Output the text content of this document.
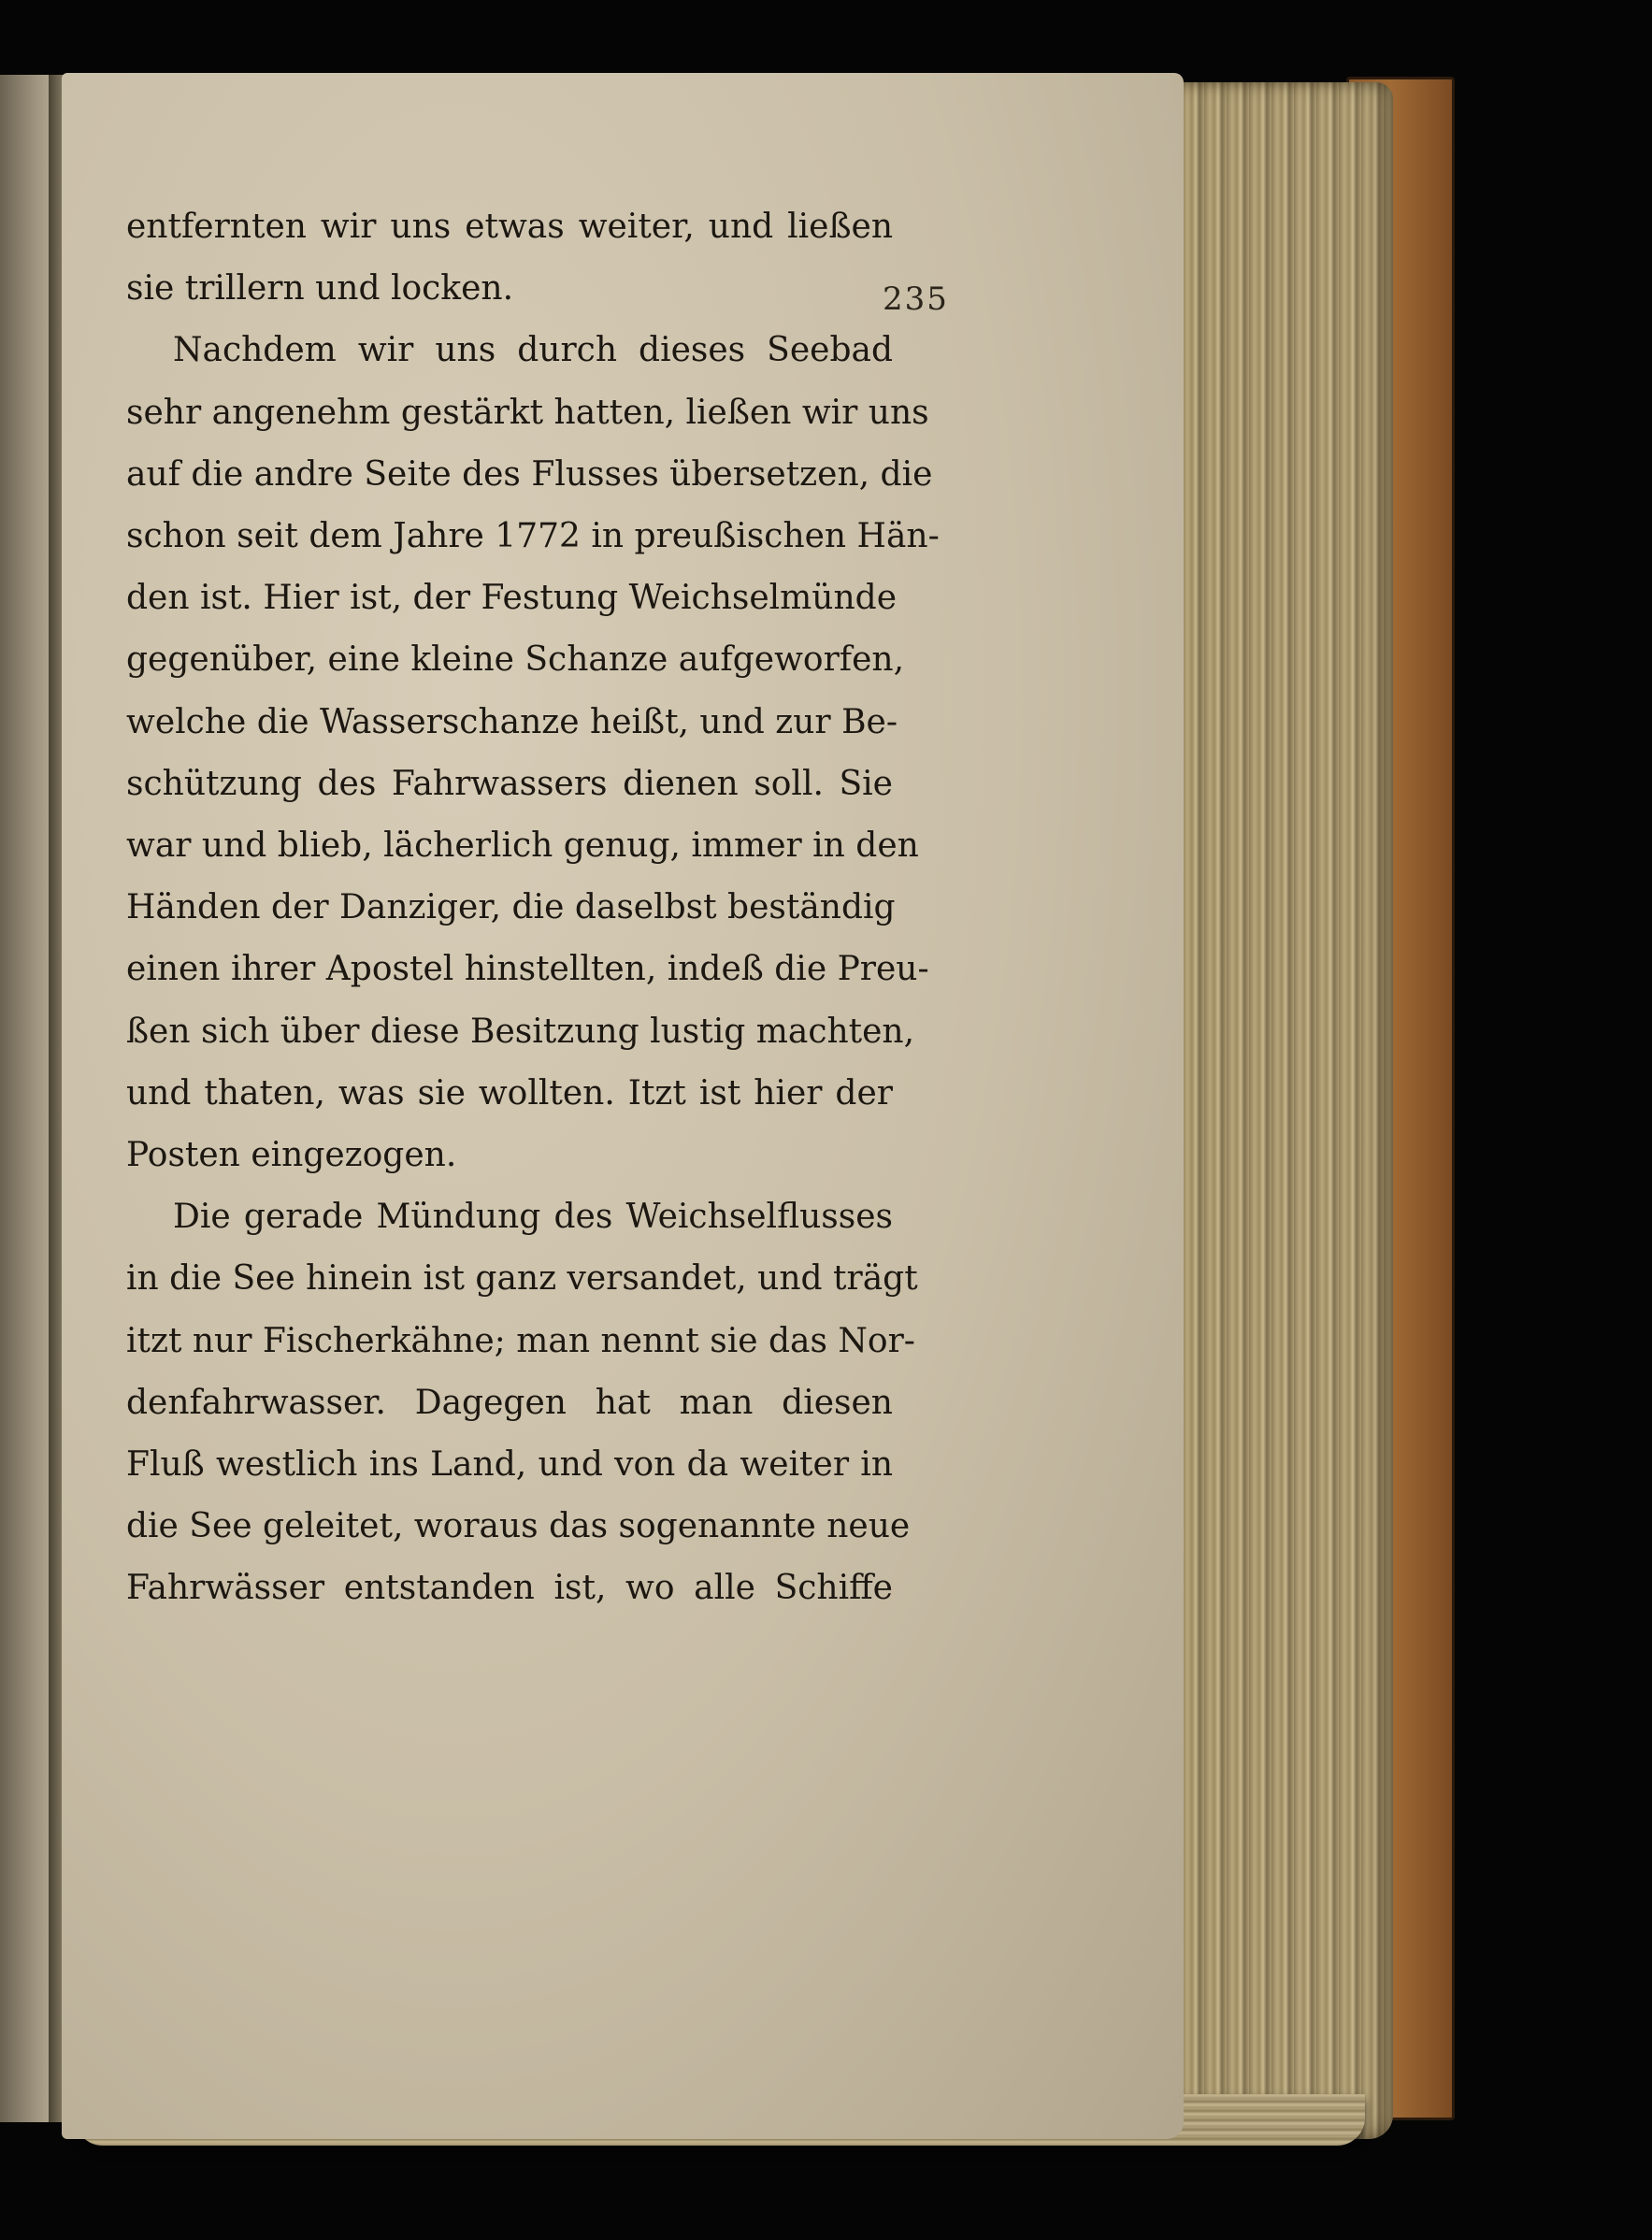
235
entfernten wir uns etwas weiter, und ließen
sie trillern und locken.
Nachdem wir uns durch dieses Seebad
sehr angenehm gestärkt hatten, ließen wir uns
auf die andre Seite des Flusses übersetzen, die
schon seit dem Jahre 1772 in preußischen Hän-
den ist. Hier ist, der Festung Weichselmünde
gegenüber, eine kleine Schanze aufgeworfen,
welche die Wasserschanze heißt, und zur Be-
schützung des Fahrwassers dienen soll. Sie
war und blieb, lächerlich genug, immer in den
Händen der Danziger, die daselbst beständig
einen ihrer Apostel hinstellten, indeß die Preu-
ßen sich über diese Besitzung lustig machten,
und thaten, was sie wollten. Itzt ist hier der
Posten eingezogen.
Die gerade Mündung des Weichselflusses
in die See hinein ist ganz versandet, und trägt
itzt nur Fischerkähne; man nennt sie das Nor-
denfahrwasser. Dagegen hat man diesen
Fluß westlich ins Land, und von da weiter in
die See geleitet, woraus das sogenannte neue
Fahrwässer entstanden ist, wo alle Schiffe
